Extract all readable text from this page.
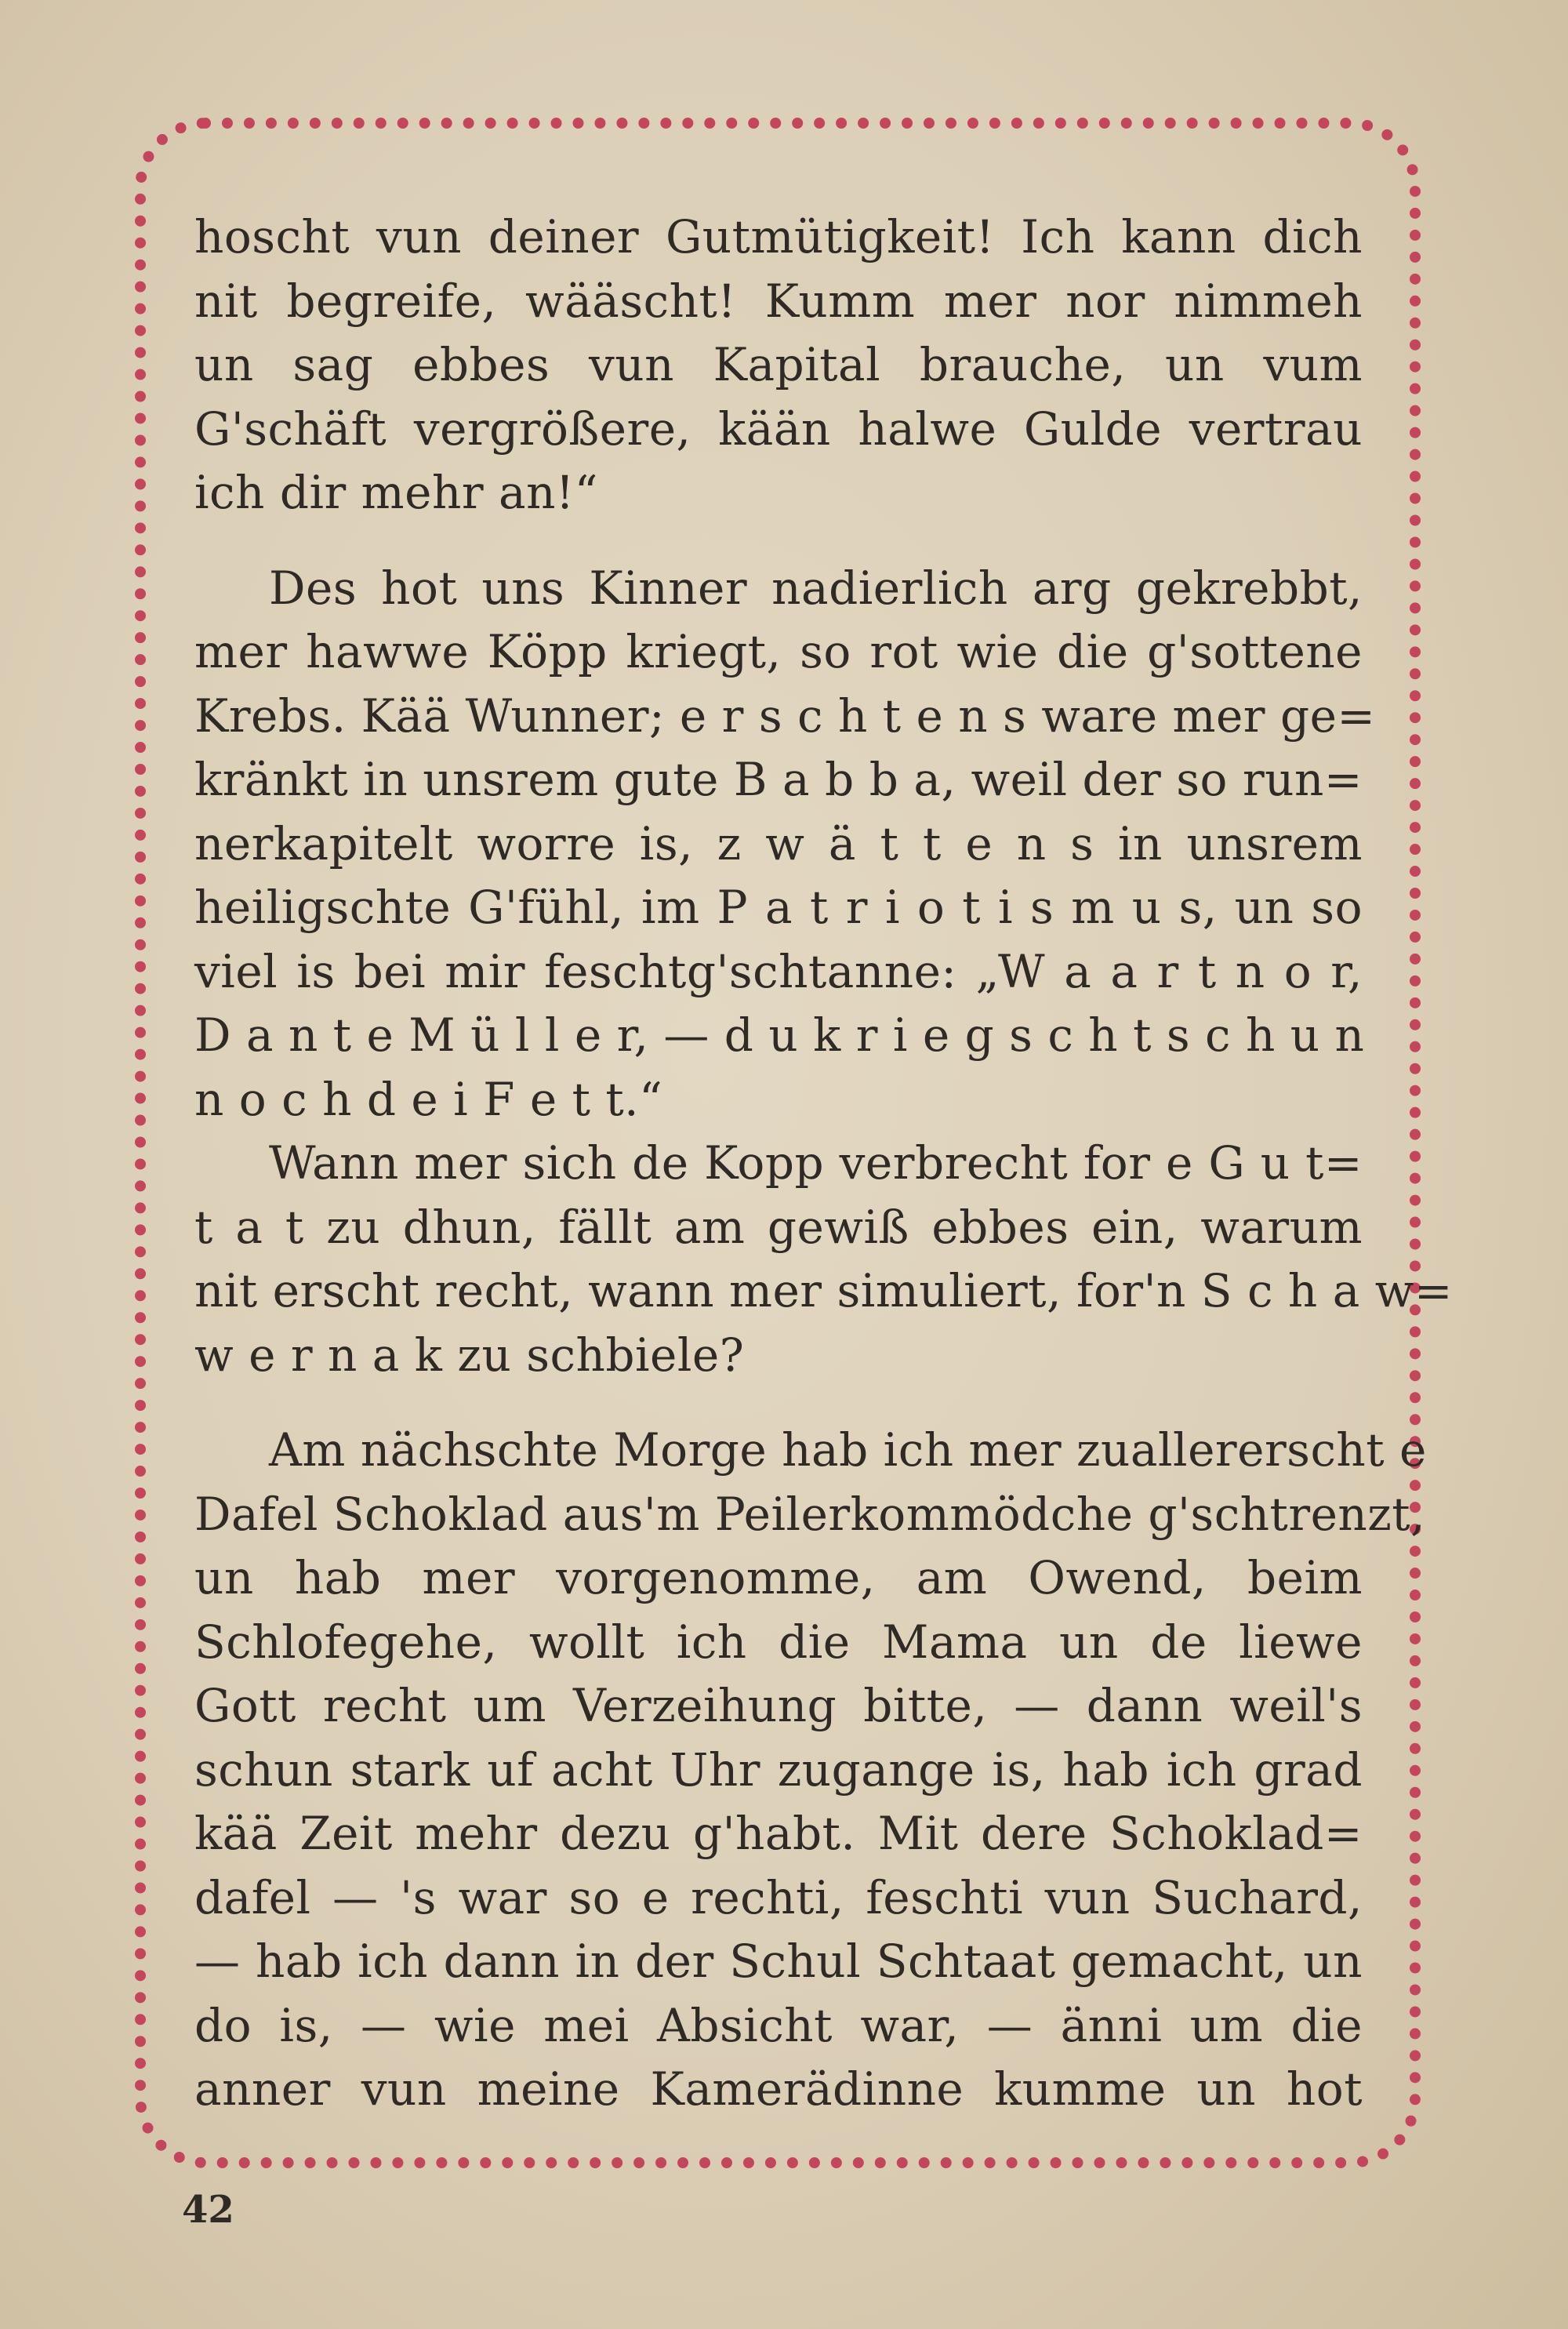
hoscht vun deiner Gutmütigkeit! Ich kann dich
nit begreife, wääscht! Kumm mer nor nimmeh
un sag ebbes vun Kapital brauche, un vum
G'schäft vergrößere, kään halwe Gulde vertrau
ich dir mehr an!“

Des hot uns Kinner nadierlich arg gekrebbt,
mer hawwe Köpp kriegt, so rot wie die g'sottene
Krebs. Kää Wunner; e r s c h t e n s ware mer ge=
kränkt in unsrem gute B a b b a, weil der so run=
nerkapitelt worre is, z w ä t t e n s in unsrem
heiligschte G'fühl, im P a t r i o t i s m u s, un so
viel is bei mir feschtg'schtanne: „W a a r t n o r,
D a n t e M ü l l e r, — d u k r i e g s c h t s c h u n
n o c h d e i F e t t.“

Wann mer sich de Kopp verbrecht for e G u t=
t a t zu dhun, fällt am gewiß ebbes ein, warum
nit erscht recht, wann mer simuliert, for'n S c h a w=
w e r n a k zu schbiele?

Am nächschte Morge hab ich mer zuallererscht e
Dafel Schoklad aus'm Peilerkommödche g'schtrenzt,
un hab mer vorgenomme, am Owend, beim
Schlofegehe, wollt ich die Mama un de liewe
Gott recht um Verzeihung bitte, — dann weil's
schun stark uf acht Uhr zugange is, hab ich grad
kää Zeit mehr dezu g'habt. Mit dere Schoklad=
dafel — 's war so e rechti, feschti vun Suchard,
— hab ich dann in der Schul Schtaat gemacht, un
do is, — wie mei Absicht war, — änni um die
anner vun meine Kamerädinne kumme un hot

42
